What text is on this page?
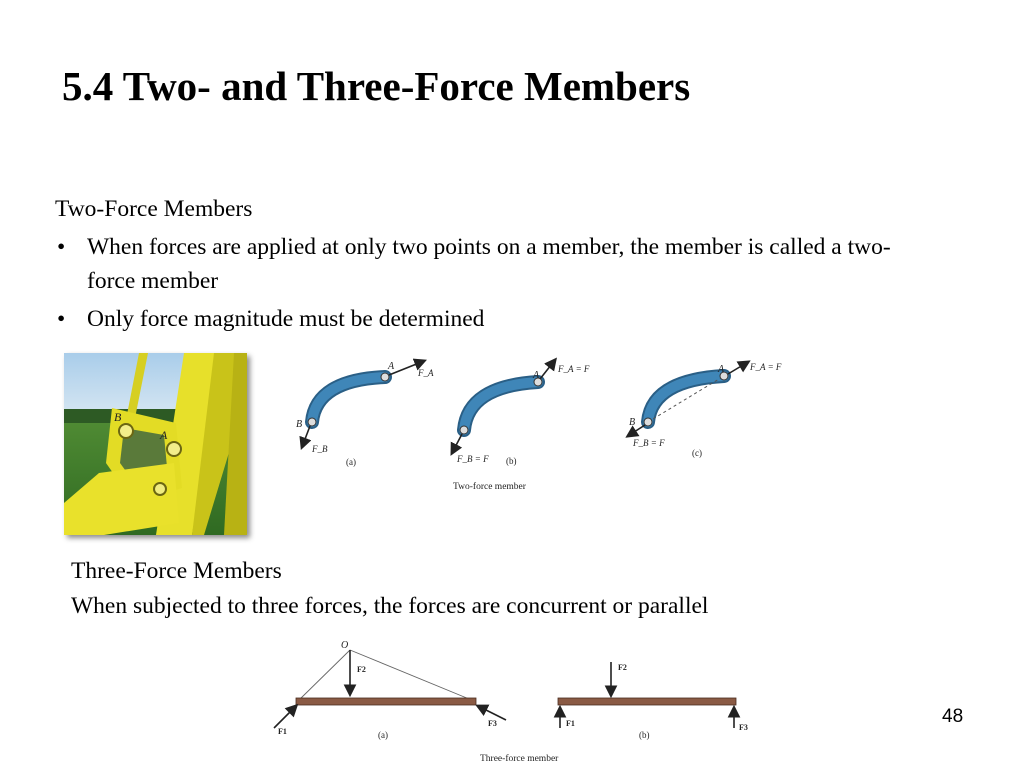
5.4 Two- and Three-Force Members
Two-Force Members
• When forces are applied at only two points on a member, the member is called a two-force member
• Only force magnitude must be determined
B
A
A
B
F_A
F_B
(a)
A
F_A = F
F_B = F (b)
A
B
F_A = F
F_B = F
(c)
Two-force member
Three-Force Members
When subjected to three forces, the forces are concurrent or parallel
O
F2
F1
F3
(a)
F2
F1	F3
(b)
Three-force member
48
